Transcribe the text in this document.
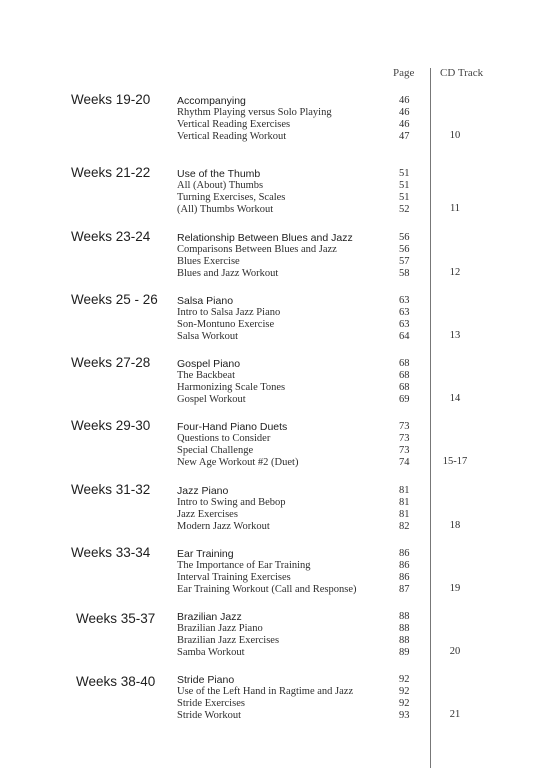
Page CD Track
Weeks 19-20	Accompanying	46
Rhythm Playing versus Solo Playing	46
Vertical Reading Exercises	46
Vertical Reading Workout	47	10
Weeks 21-22	Use of the Thumb	51
All (About) Thumbs	51
Turning Exercises, Scales	51
(All) Thumbs Workout	52	11
Weeks 23-24	Relationship Between Blues and Jazz	56
Comparisons Between Blues and Jazz	56
Blues Exercise	57
Blues and Jazz Workout	58	12
Weeks 25 - 26 Salsa Piano	63
Intro to Salsa Jazz Piano	63
Son-Montuno Exercise	63
Salsa Workout	64	13
Weeks 27-28	Gospel Piano	68
The Backbeat	68
Harmonizing Scale Tones	68
Gospel Workout	69	14
Weeks 29-30	Four-Hand Piano Duets	73
Questions to Consider	73
Special Challenge	73
New Age Workout #2 (Duet)	74	15-17
Weeks 31-32	Jazz Piano	81
Intro to Swing and Bebop	81
Jazz Exercises	81
Modern Jazz Workout	82	18
Weeks 33-34	Ear Training	86
The Importance of Ear Training	86
Interval Training Exercises	86
Ear Training Workout (Call and Response)	87	19
Weeks 35-37 Brazilian Jazz	88
Brazilian Jazz Piano	88
Brazilian Jazz Exercises	88
Samba Workout	89	20
Weeks 38-40 Stride Piano	92
Use of the Left Hand in Ragtime and Jazz	92
Stride Exercises	92
Stride Workout	93	21
